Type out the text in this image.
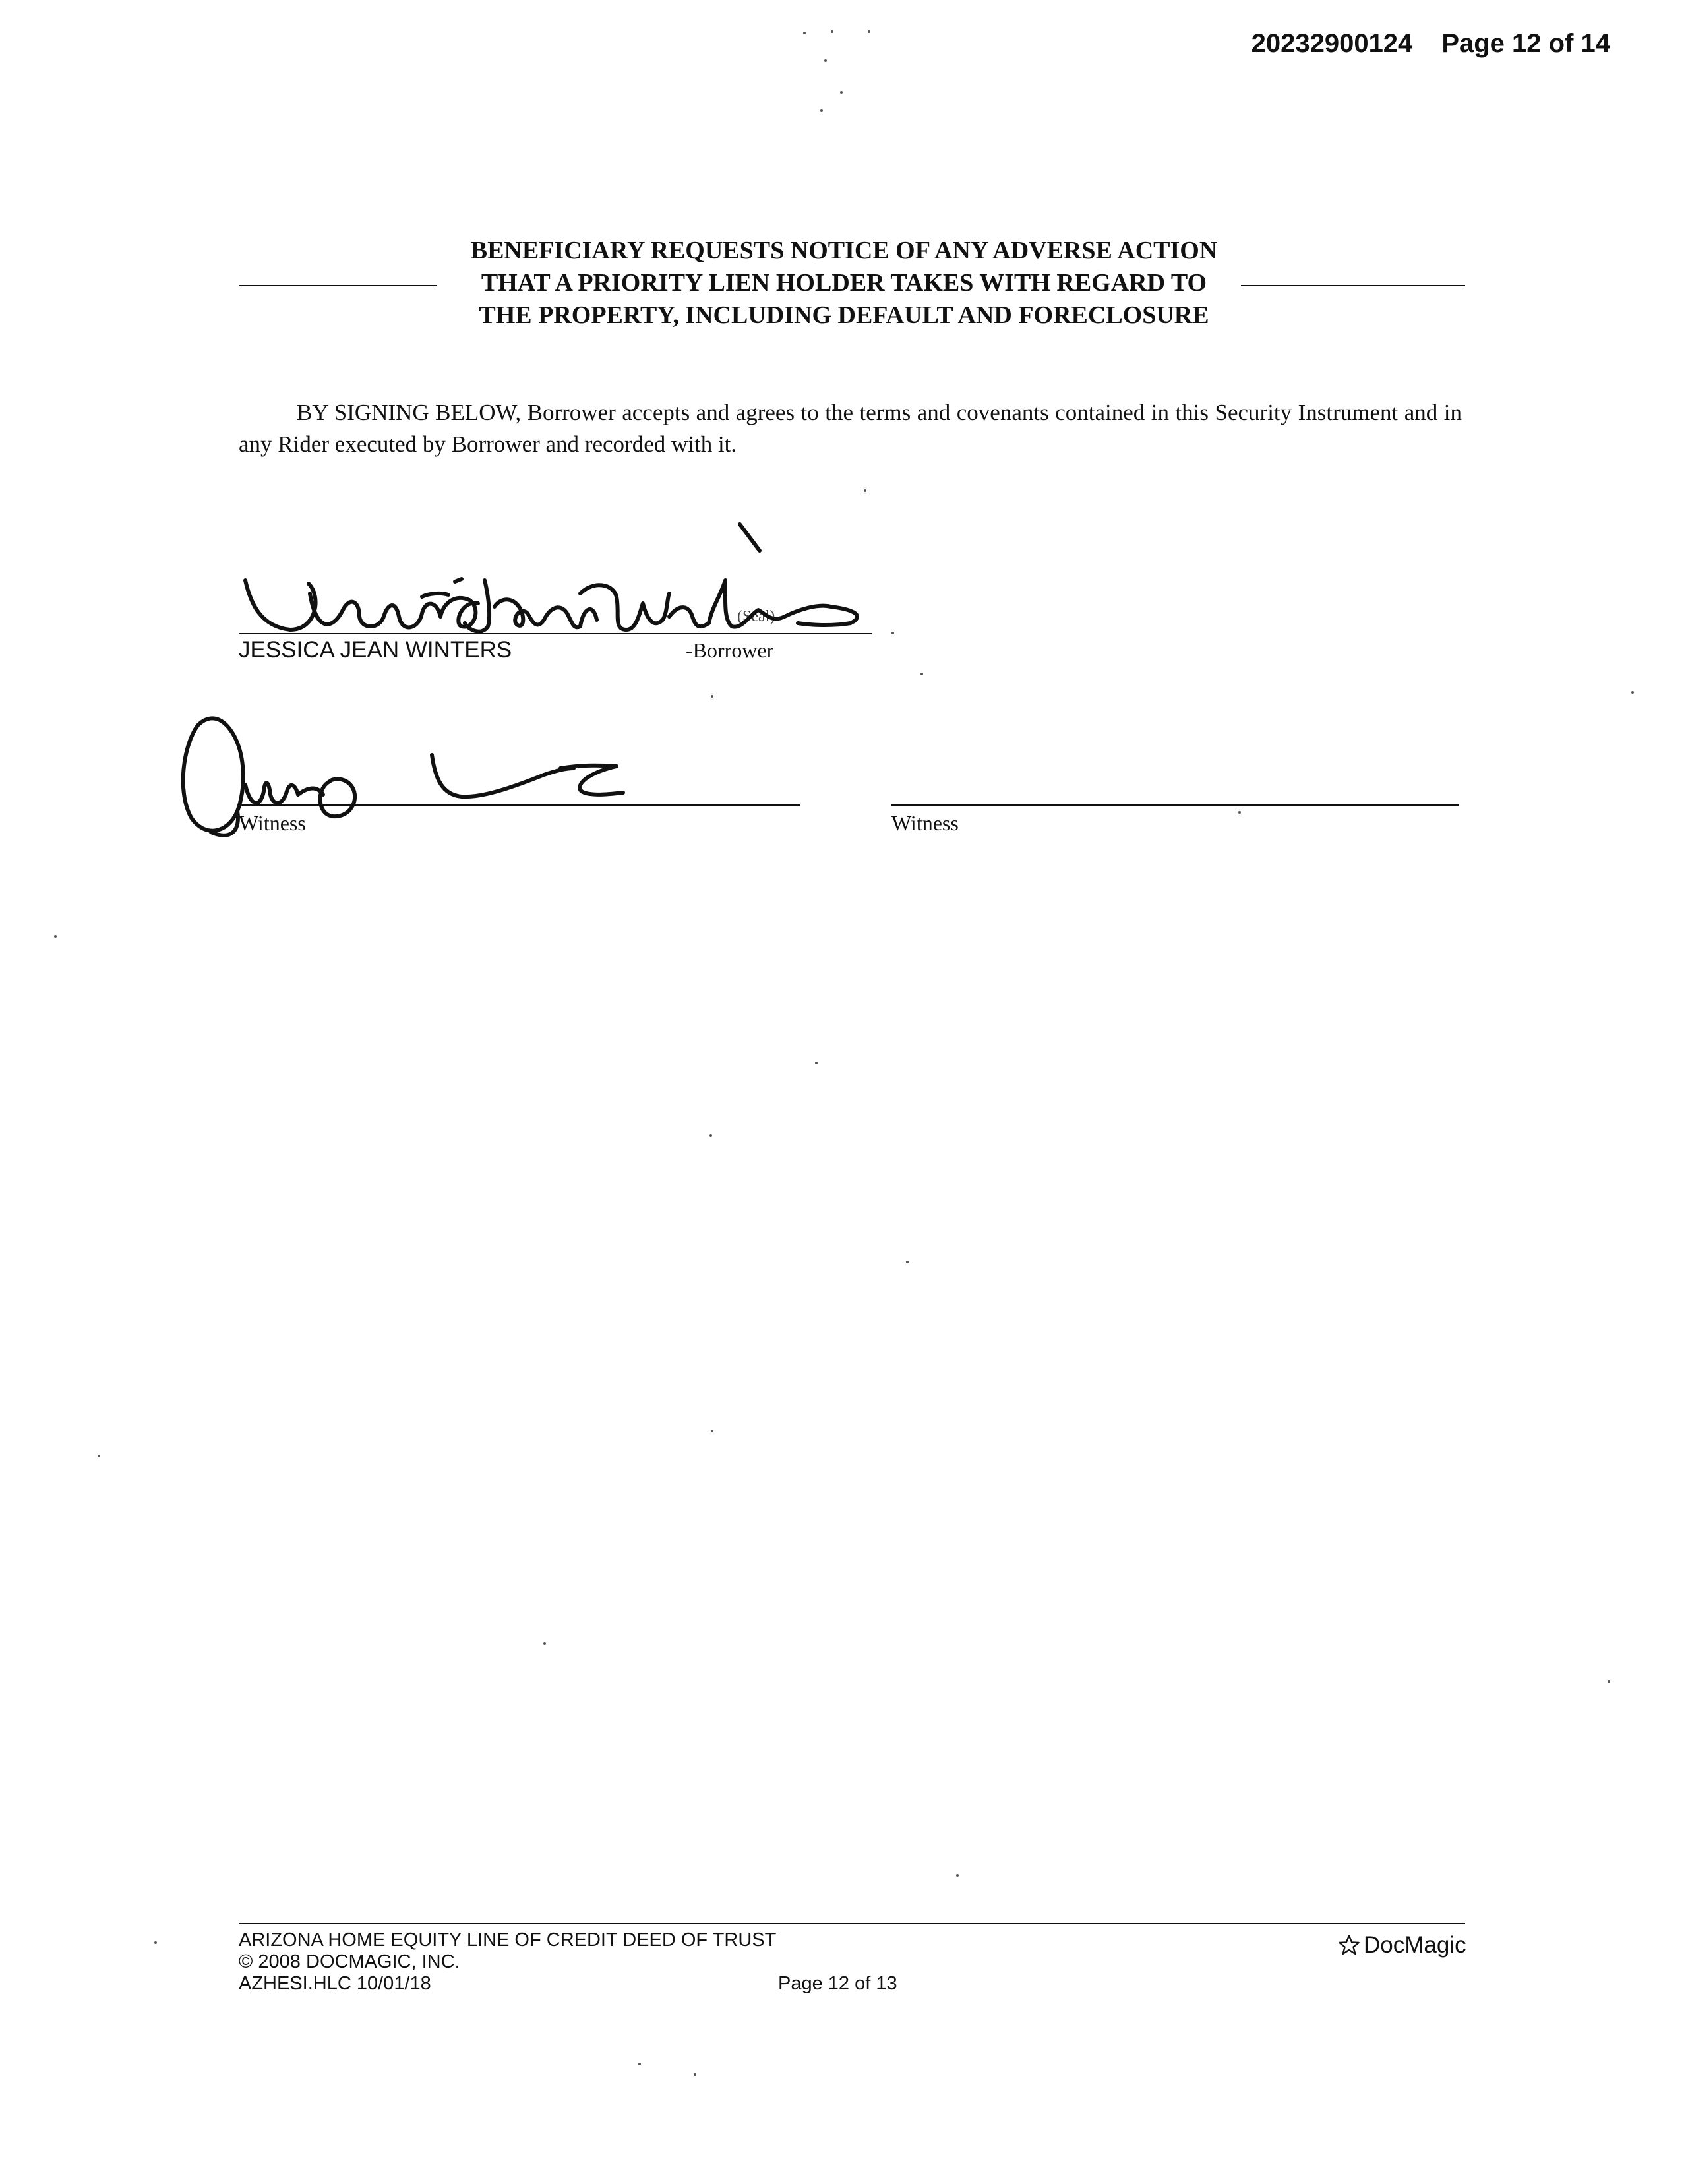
20232900124 Page 12 of 14
BENEFICIARY REQUESTS NOTICE OF ANY ADVERSE ACTION
THAT A PRIORITY LIEN HOLDER TAKES WITH REGARD TO
THE PROPERTY, INCLUDING DEFAULT AND FORECLOSURE
BY SIGNING BELOW, Borrower accepts and agrees to the terms and covenants contained in this Security Instrument and in any Rider executed by Borrower and recorded with it.
JESSICA JEAN WINTERS	-Borrower
(Seal)
Witness	Witness
ARIZONA HOME EQUITY LINE OF CREDIT DEED OF TRUST
© 2008 DOCMAGIC, INC.
AZHESI.HLC 10/01/18	Page 12 of 13
DocMagic
